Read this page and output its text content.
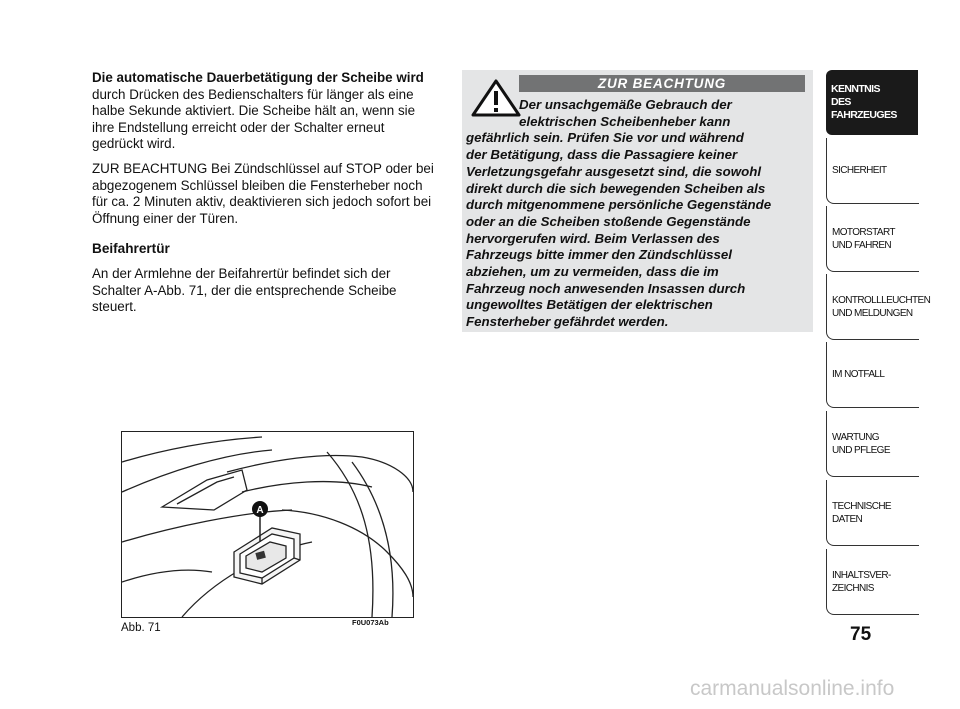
Die automatische Dauerbetätigung der Scheibe wird durch Drücken des Bedienschalters für länger als eine halbe Sekunde aktiviert. Die Scheibe hält an, wenn sie ihre Endstellung erreicht oder der Schalter erneut gedrückt wird.

ZUR BEACHTUNG Bei Zündschlüssel auf STOP oder bei abgezogenem Schlüssel bleiben die Fensterheber noch für ca. 2 Minuten aktiv, deaktivieren sich jedoch sofort bei Öffnung einer der Türen.

Beifahrertür

An der Armlehne der Beifahrertür befindet sich der Schalter A-Abb. 71, der die entsprechende Scheibe steuert.

ZUR BEACHTUNG
Der unsachgemäße Gebrauch der
elektrischen Scheibenheber kann
gefährlich sein. Prüfen Sie vor und während
der Betätigung, dass die Passagiere keiner
Verletzungsgefahr ausgesetzt sind, die sowohl
direkt durch die sich bewegenden Scheiben als
durch mitgenommene persönliche Gegenstände
oder an die Scheiben stoßende Gegenstände
hervorgerufen wird. Beim Verlassen des
Fahrzeugs bitte immer den Zündschlüssel
abziehen, um zu vermeiden, dass die im
Fahrzeug noch anwesenden Insassen durch
ungewolltes Betätigen der elektrischen
Fensterheber gefährdet werden.
A
Abb. 71	F0U073Ab
KENNTNIS
DES FAHRZEUGES
SICHERHEIT
MOTORSTART
UND FAHREN
KONTROLLLEUCHTEN
UND MELDUNGEN
IM NOTFALL
WARTUNG
UND PFLEGE
TECHNISCHE
DATEN
INHALTSVER-
ZEICHNIS
75
carmanualsonline.info
